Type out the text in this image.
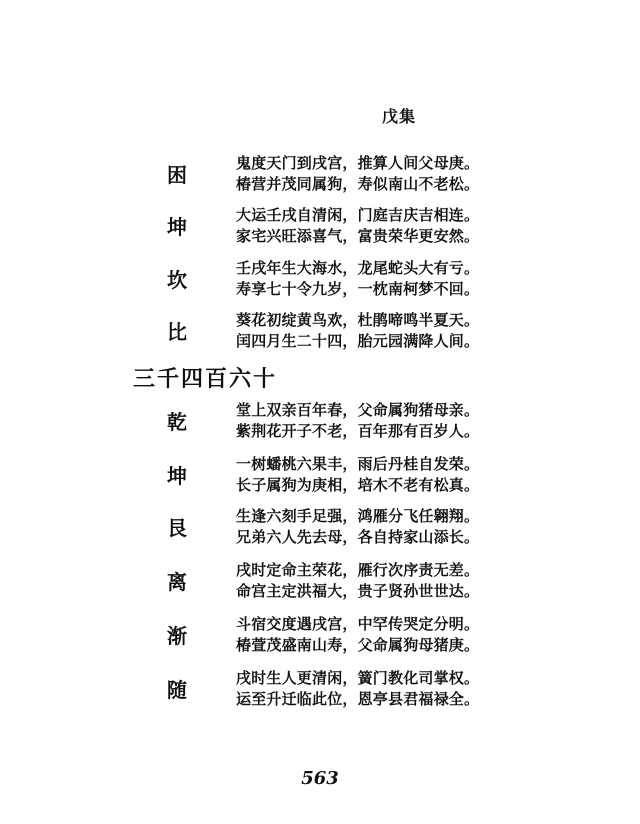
戊集
困	鬼度天门到戌宫，推算人间父母庚。
椿营并茂同属狗，寿似南山不老松。
坤	大运壬戌自清闲，门庭吉庆吉相连。
家宅兴旺添喜气，富贵荣华更安然。
坎	壬戌年生大海水，龙尾蛇头大有亏。
寿享七十令九岁，一枕南柯梦不回。
比	葵花初绽黄鸟欢，杜鹃啼鸣半夏天。
闰四月生二十四，胎元园满降人间。
三千四百六十
乾	堂上双亲百年春，父命属狗猪母亲。
紫荆花开子不老，百年那有百岁人。
坤	一树蟠桃六果丰，雨后丹桂自发荣。
长子属狗为庚相，培木不老有松真。
艮	生逢六刻手足强，鸿雁分飞任翱翔。
兄弟六人先去母，各自持家山添长。
离	戌时定命主荣花，雁行次序责无差。
命宫主定洪福大，贵子贤孙世世达。
渐	斗宿交度遇戌宫，中罕传哭定分明。
椿萱茂盛南山寿，父命属狗母猪庚。
随	戌时生人更清闲，簧门教化司掌权。
运至升迁临此位，恩亭县君福禄全。
563
